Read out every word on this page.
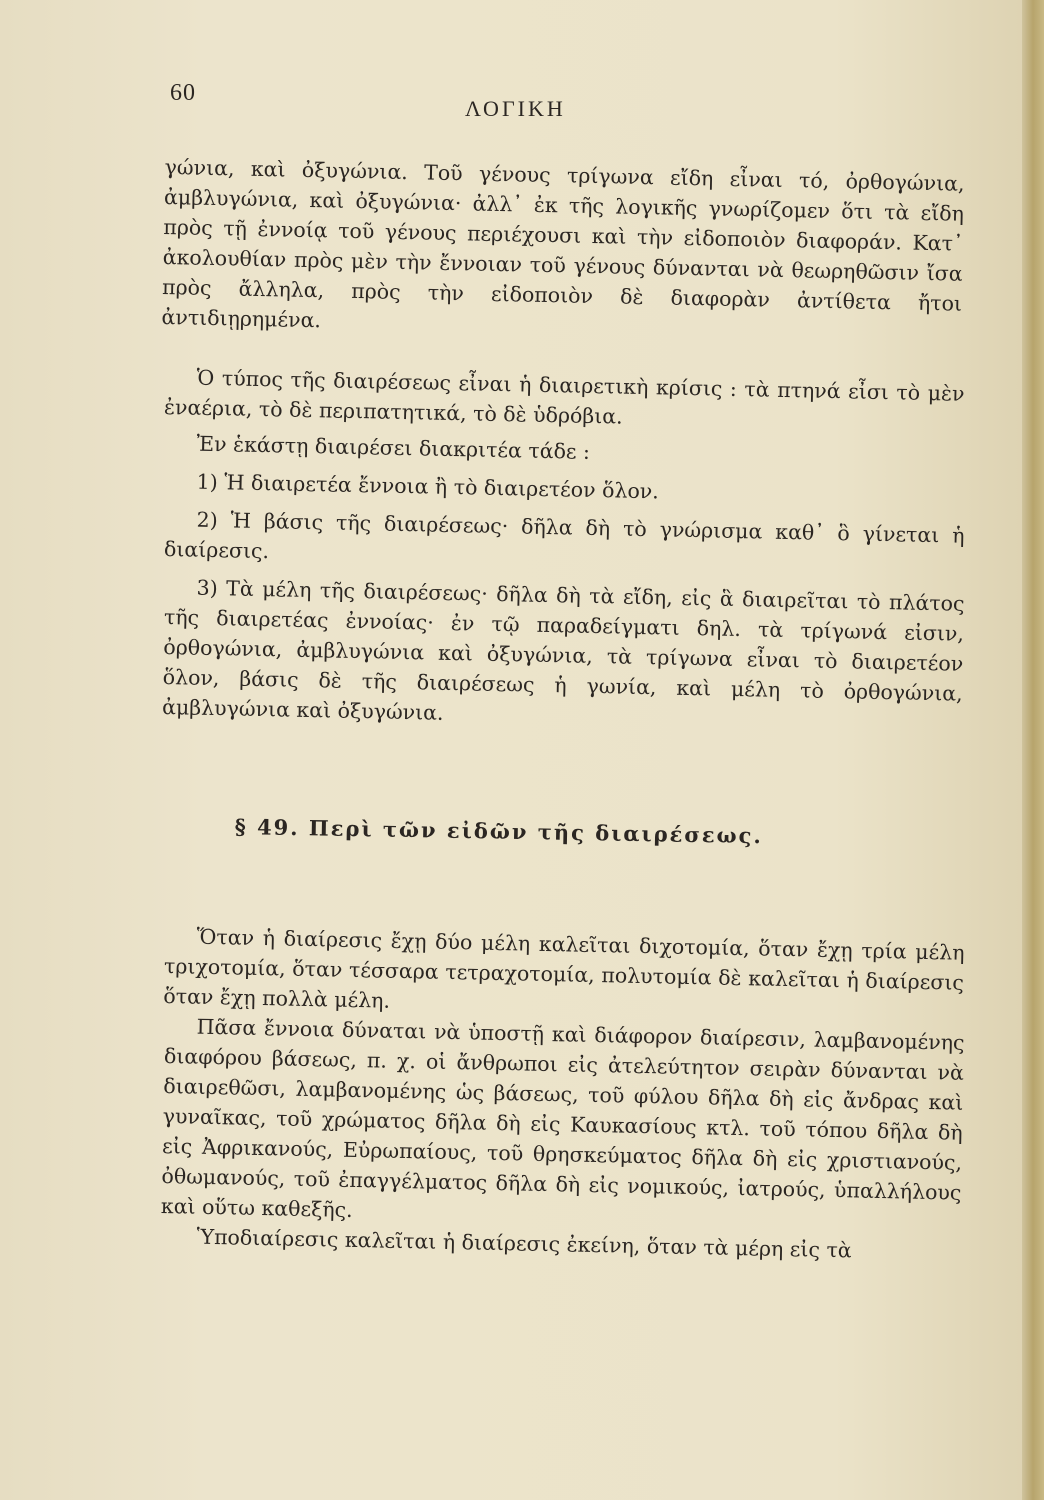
60
ΛΟΓΙΚΗ

γώνια, καὶ ὀξυγώνια. Τοῦ γένους τρίγωνα εἴδη εἶναι τό, ὀρθογώνια, ἀμβλυγώνια, καὶ ὀξυγώνια· ἀλλ᾽ ἐκ τῆς λογικῆς γνωρίζομεν ὅτι τὰ εἴδη πρὸς τῇ ἐννοίᾳ τοῦ γένους περιέχουσι καὶ τὴν εἰδοποιὸν διαφοράν. Κατ᾽ ἀκολουθίαν πρὸς μὲν τὴν ἔννοιαν τοῦ γένους δύνανται νὰ θεωρηθῶσιν ἴσα πρὸς ἄλληλα, πρὸς τὴν εἰδοποιὸν δὲ διαφορὰν ἀντίθετα ἤτοι ἀντιδιῃρημένα.

Ὁ τύπος τῆς διαιρέσεως εἶναι ἡ διαιρετικὴ κρίσις : τὰ πτηνά εἶσι τὸ μὲν ἐναέρια, τὸ δὲ περιπατητικά, τὸ δὲ ὑδρόβια.

Ἐν ἑκάστῃ διαιρέσει διακριτέα τάδε :

1) Ἡ διαιρετέα ἔννοια ἢ τὸ διαιρετέον ὅλον.

2) Ἡ βάσις τῆς διαιρέσεως· δῆλα δὴ τὸ γνώρισμα καθ᾽ ὃ γίνεται ἡ διαίρεσις.

3) Τὰ μέλη τῆς διαιρέσεως· δῆλα δὴ τὰ εἴδη, εἰς ἃ διαιρεῖται τὸ πλάτος τῆς διαιρετέας ἐννοίας· ἐν τῷ παραδείγματι δηλ. τὰ τρίγωνά εἰσιν, ὀρθογώνια, ἀμβλυγώνια καὶ ὀξυγώνια, τὰ τρίγωνα εἶναι τὸ διαιρετέον ὅλον, βάσις δὲ τῆς διαιρέσεως ἡ γωνία, καὶ μέλη τὸ ὀρθογώνια, ἀμβλυγώνια καὶ ὀξυγώνια.

§ 49. Περὶ τῶν εἰδῶν τῆς διαιρέσεως.

Ὅταν ἡ διαίρεσις ἔχῃ δύο μέλη καλεῖται διχοτομία, ὅταν ἔχῃ τρία μέλη τριχοτομία, ὅταν τέσσαρα τετραχοτομία, πολυτομία δὲ καλεῖται ἡ διαίρεσις ὅταν ἔχῃ πολλὰ μέλη.

Πᾶσα ἔννοια δύναται νὰ ὑποστῇ καὶ διάφορον διαίρεσιν, λαμβανομένης διαφόρου βάσεως, π. χ. οἱ ἄνθρωποι εἰς ἀτελεύτητον σειρὰν δύνανται νὰ διαιρεθῶσι, λαμβανομένης ὡς βάσεως, τοῦ φύλου δῆλα δὴ εἰς ἄνδρας καὶ γυναῖκας, τοῦ χρώματος δῆλα δὴ εἰς Καυκασίους κτλ. τοῦ τόπου δῆλα δὴ εἰς Ἀφρικανούς, Εὐρωπαίους, τοῦ θρησκεύματος δῆλα δὴ εἰς χριστιανούς, ὀθωμανούς, τοῦ ἐπαγγέλματος δῆλα δὴ εἰς νομικούς, ἰατρούς, ὑπαλλήλους καὶ οὕτω καθεξῆς.

Ὑποδιαίρεσις καλεῖται ἡ διαίρεσις ἐκείνη, ὅταν τὰ μέρη εἰς τὰ
